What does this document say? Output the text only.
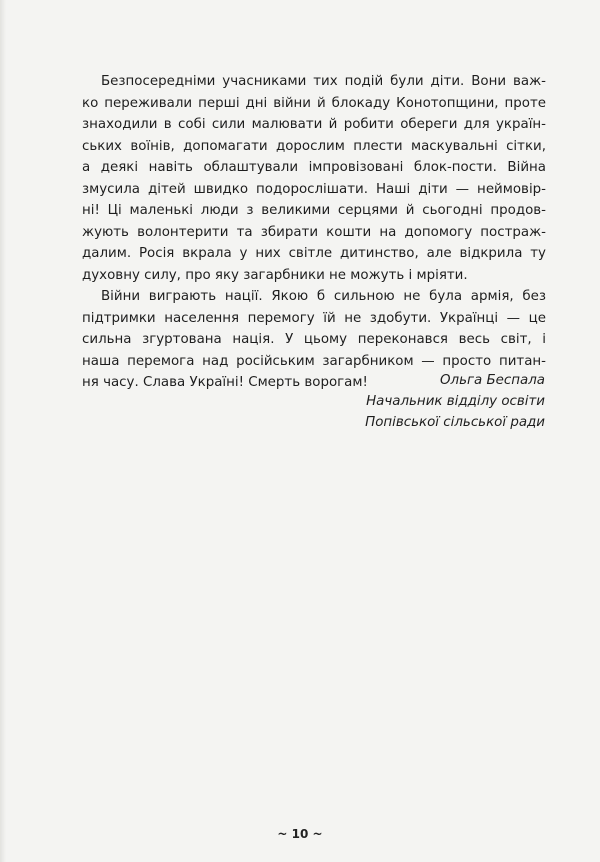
Безпосередніми учасниками тих подій були діти. Вони важ-
ко переживали перші дні війни й блокаду Конотопщини, проте
знаходили в собі сили малювати й робити обереги для україн-
ських воїнів, допомагати дорослим плести маскувальні сітки,
а деякі навіть облаштували імпровізовані блок-пости. Війна
змусила дітей швидко подорослішати. Наші діти — неймовір-
ні! Ці маленькі люди з великими серцями й сьогодні продов-
жують волонтерити та збирати кошти на допомогу постраж-
далим. Росія вкрала у них світле дитинство, але відкрила ту
духовну силу, про яку загарбники не можуть і мріяти.
Війни виграють нації. Якою б сильною не була армія, без
підтримки населення перемогу їй не здобути. Українці — це
сильна згуртована нація. У цьому переконався весь світ, і
наша перемога над російським загарбником — просто питан-
ня часу. Слава Україні! Смерть ворогам!	Ольга Беспала
Начальник відділу освіти
Попівської сільської ради
~ 10 ~
